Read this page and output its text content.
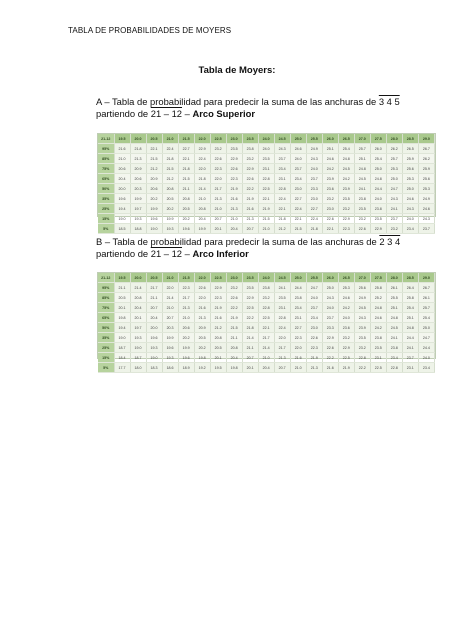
TABLA DE PROBABILIDADES DE MOYERS
Tabla de Moyers:
A – Tabla de probabilidad para predecir la suma de las anchuras de 3 4 5
partiendo de 21 – 12 – Arco Superior
21-12	19.5	20.0	20.5	21.0	21.5	22.0	22.5	23.0	23.5	24.0	24.5	25.0	25.5	26.0	26.5	27.0	27.5	28.0	28.5	29.0
95%	21.6	21.8	22.1	22.4	22.7	22.9	23.2	23.5	23.8	24.0	24.3	24.6	24.9	25.1	25.4	25.7	26.0	26.2	26.5	26.7
85%	21.0	21.3	21.5	21.8	22.1	22.4	22.6	22.9	23.2	23.5	23.7	24.0	24.3	24.6	24.8	25.1	25.4	25.7	25.9	26.2
75%	20.6	20.9	21.2	21.5	21.8	22.0	22.3	22.6	22.9	23.1	23.4	23.7	24.0	24.2	24.5	24.8	25.0	25.3	25.6	25.9
65%	20.4	20.6	20.9	21.2	21.5	21.8	22.0	22.3	22.6	22.8	23.1	23.4	23.7	23.9	24.2	24.5	24.8	25.0	25.3	25.6
50%	20.0	20.3	20.6	20.8	21.1	21.4	21.7	21.9	22.2	22.5	22.8	23.0	23.3	23.6	23.9	24.1	24.4	24.7	25.0	25.3
35%	19.6	19.9	20.2	20.5	20.8	21.0	21.3	21.6	21.9	22.1	22.4	22.7	23.0	23.2	23.5	23.8	24.0	24.3	24.6	24.9
25%	19.4	19.7	19.9	20.2	20.5	20.8	21.0	21.3	21.6	21.9	22.1	22.4	22.7	23.0	23.2	23.5	23.8	24.1	24.3	24.6
15%	19.0	19.3	19.6	19.9	20.2	20.4	20.7	21.0	21.3	21.5	21.8	22.1	22.4	22.6	22.9	23.2	23.5	23.7	24.0	24.3
5%	18.5	18.8	19.0	19.3	19.6	19.9	20.1	20.4	20.7	21.0	21.2	21.5	21.8	22.1	22.3	22.6	22.9	23.2	23.4	23.7
B – Tabla de probabilidad para predecir la suma de las anchuras de 2 3 4
partiendo de 21 – 12 – Arco Inferior
21-12	19.5	20.0	20.5	21.0	21.5	22.0	22.5	23.0	23.5	24.0	24.5	25.0	25.5	26.0	26.5	27.0	27.5	28.0	28.5	29.0
95%	21.1	21.4	21.7	22.0	22.3	22.6	22.9	23.2	23.5	23.8	24.1	24.4	24.7	25.0	25.3	25.6	25.8	26.1	26.4	26.7
85%	20.5	20.8	21.1	21.4	21.7	22.0	22.3	22.6	22.9	23.2	23.5	23.8	24.0	24.3	24.6	24.9	25.2	25.5	25.8	26.1
75%	20.1	20.4	20.7	21.0	21.3	21.6	21.9	22.2	22.5	22.8	23.1	23.4	23.7	24.0	24.2	24.5	24.8	25.1	25.4	25.7
65%	19.8	20.1	20.4	20.7	21.0	21.3	21.6	21.9	22.2	22.5	22.8	23.1	23.4	23.7	24.0	24.3	24.6	24.8	25.1	25.4
50%	19.4	19.7	20.0	20.3	20.6	20.9	21.2	21.5	21.8	22.1	22.4	22.7	23.0	23.3	23.6	23.9	24.2	24.5	24.8	25.0
35%	19.0	19.3	19.6	19.9	20.2	20.5	20.8	21.1	21.4	21.7	22.0	22.3	22.6	22.9	23.2	23.5	23.8	24.1	24.4	24.7
25%	18.7	19.0	19.3	19.6	19.9	20.2	20.5	20.8	21.1	21.4	21.7	22.0	22.3	22.6	22.9	23.2	23.5	23.8	24.1	24.4
15%	18.4	18.7	19.0	19.3	19.6	19.8	20.1	20.4	20.7	21.0	21.3	21.6	21.9	22.2	22.5	22.8	23.1	23.4	23.7	24.0
5%	17.7	18.0	18.3	18.6	18.9	19.2	19.5	19.8	20.1	20.4	20.7	21.0	21.3	21.6	21.9	22.2	22.5	22.8	23.1	23.4
